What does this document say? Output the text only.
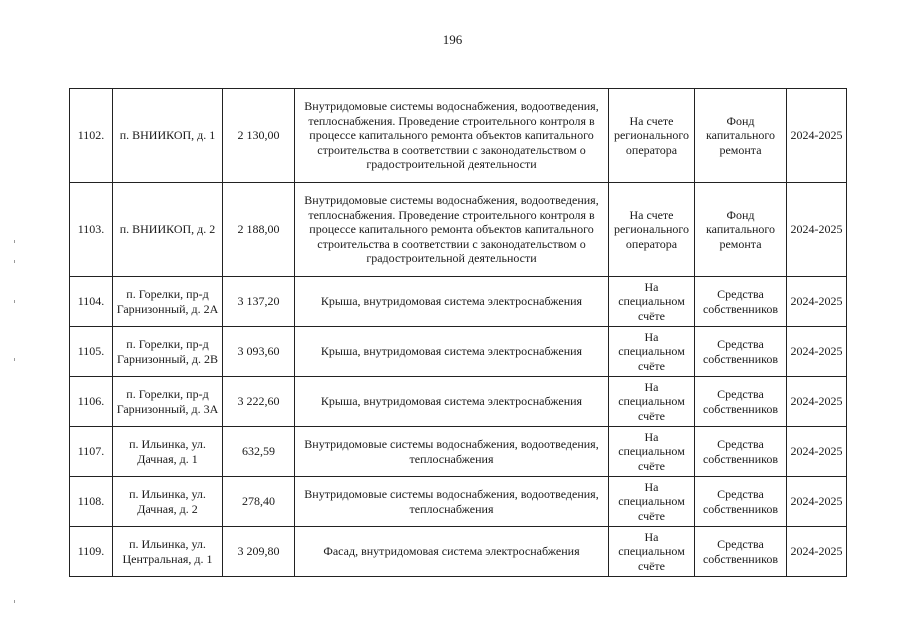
196
1102.	п. ВНИИКОП, д. 1	2 130,00	Внутридомовые системы водоснабжения, водоотведения, теплоснабжения. Проведение строительного контроля в процессе капитального ремонта объектов капитального строительства в соответствии с законодательством о градостроительной деятельности	На счете регионального оператора	Фонд капитального ремонта	2024-2025
1103.	п. ВНИИКОП, д. 2	2 188,00	Внутридомовые системы водоснабжения, водоотведения, теплоснабжения. Проведение строительного контроля в процессе капитального ремонта объектов капитального строительства в соответствии с законодательством о градостроительной деятельности	На счете регионального оператора	Фонд капитального ремонта	2024-2025
1104.	п. Горелки, пр-д Гарнизонный, д. 2А	3 137,20	Крыша, внутридомовая система электроснабжения	На специальном счёте	Средства собственников	2024-2025
1105.	п. Горелки, пр-д Гарнизонный, д. 2В	3 093,60	Крыша, внутридомовая система электроснабжения	На специальном счёте	Средства собственников	2024-2025
1106.	п. Горелки, пр-д Гарнизонный, д. 3А	3 222,60	Крыша, внутридомовая система электроснабжения	На специальном счёте	Средства собственников	2024-2025
1107.	п. Ильинка, ул. Дачная, д. 1	632,59	Внутридомовые системы водоснабжения, водоотведения, теплоснабжения	На специальном счёте	Средства собственников	2024-2025
1108.	п. Ильинка, ул. Дачная, д. 2	278,40	Внутридомовые системы водоснабжения, водоотведения, теплоснабжения	На специальном счёте	Средства собственников	2024-2025
1109.	п. Ильинка, ул. Центральная, д. 1	3 209,80	Фасад, внутридомовая система электроснабжения	На специальном счёте	Средства собственников	2024-2025
